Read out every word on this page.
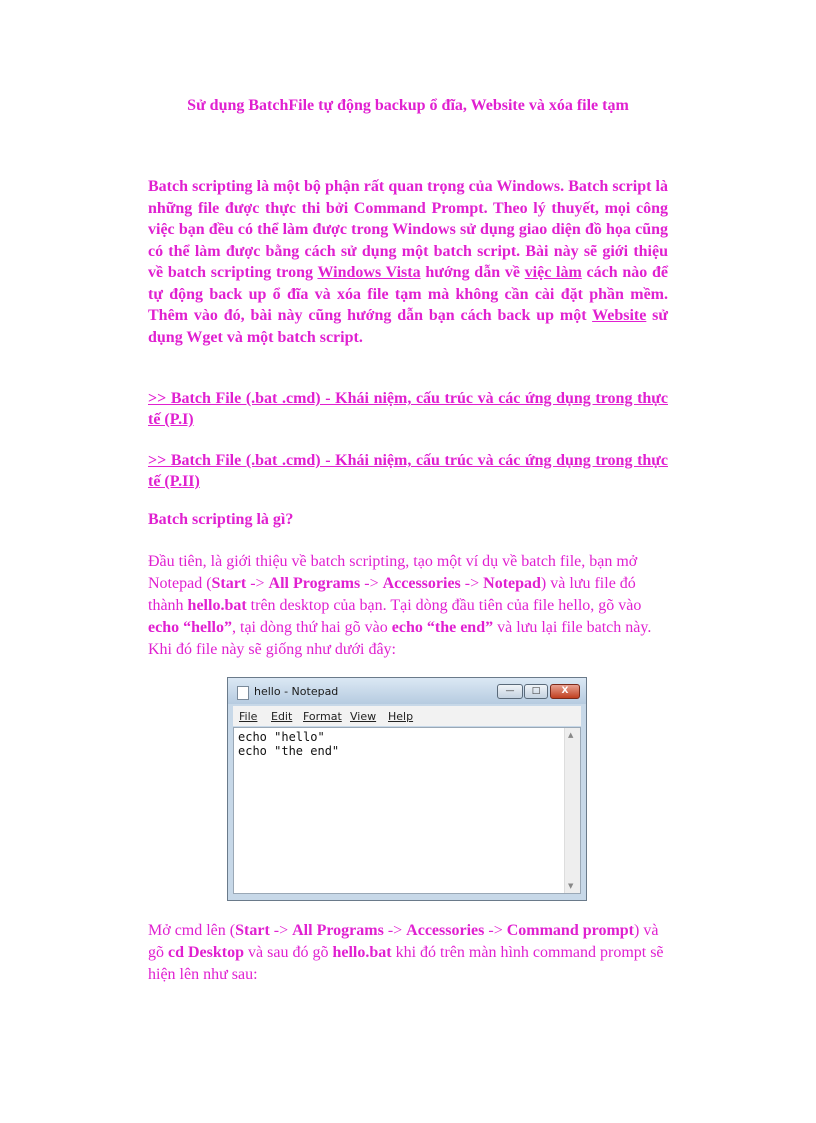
Sử dụng BatchFile tự động backup ổ đĩa, Website và xóa file tạm
Batch scripting là một bộ phận rất quan trọng của Windows. Batch script là những file được thực thi bởi Command Prompt. Theo lý thuyết, mọi công việc bạn đều có thể làm được trong Windows sử dụng giao diện đồ họa cũng có thể làm được bằng cách sử dụng một batch script. Bài này sẽ giới thiệu về batch scripting trong Windows Vista hướng dẫn về việc làm cách nào để tự động back up ổ đĩa và xóa file tạm mà không cần cài đặt phần mềm. Thêm vào đó, bài này cũng hướng dẫn bạn cách back up một Website sử dụng Wget và một batch script.
>> Batch File (.bat .cmd) - Khái niệm, cấu trúc và các ứng dụng trong thực tế (P.I)
>> Batch File (.bat .cmd) - Khái niệm, cấu trúc và các ứng dụng trong thực tế (P.II)
Batch scripting là gì?
Đầu tiên, là giới thiệu về batch scripting, tạo một ví dụ về batch file, bạn mở Notepad (Start -> All Programs -> Accessories -> Notepad) và lưu file đó thành hello.bat trên desktop của bạn. Tại dòng đầu tiên của file hello, gõ vào echo “hello”, tại dòng thứ hai gõ vào echo “the end” và lưu lại file batch này. Khi đó file này sẽ giống như dưới đây:
hello - Notepad	—	□	X
File Edit Format View Help
echo "hello"
echo "the end"
▲
▼
Mở cmd lên (Start -> All Programs -> Accessories -> Command prompt) và gõ cd Desktop và sau đó gõ hello.bat khi đó trên màn hình command prompt sẽ hiện lên như sau:
